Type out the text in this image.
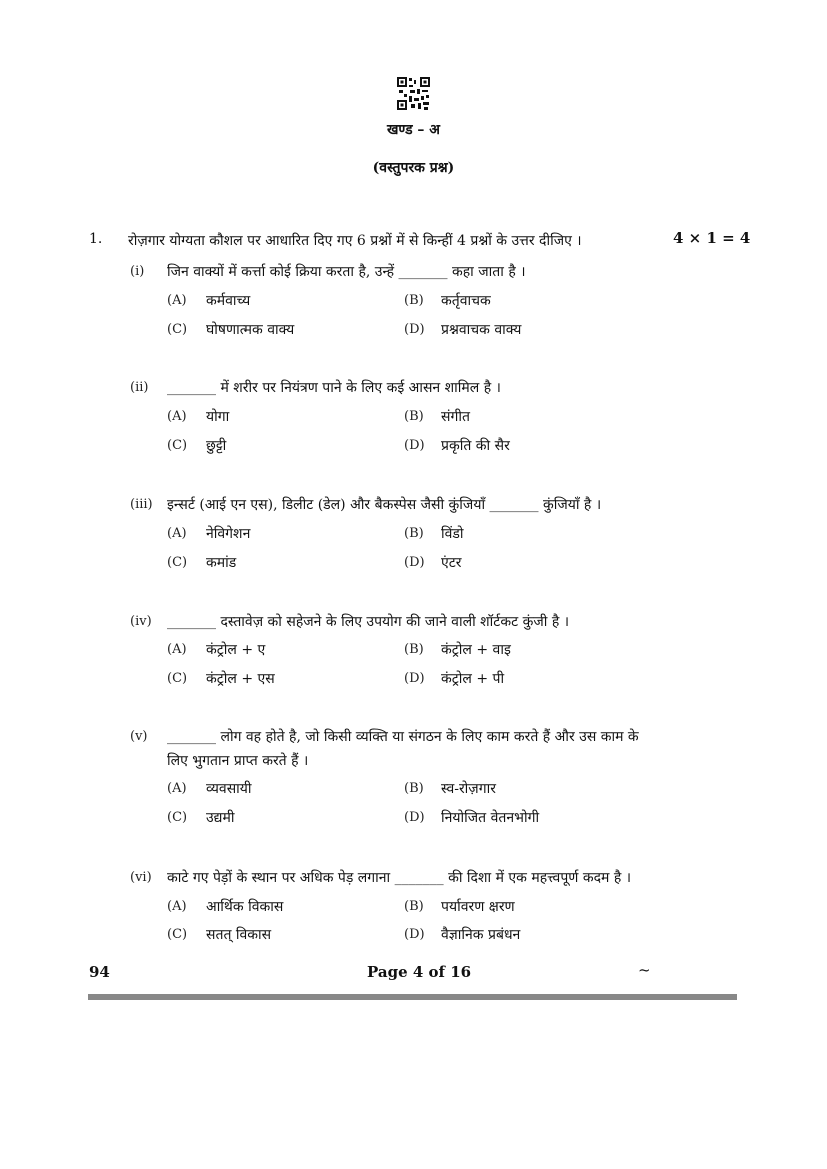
खण्ड – अ
(वस्तुपरक प्रश्न)
1. रोज़गार योग्यता कौशल पर आधारित दिए गए 6 प्रश्नों में से किन्हीं 4 प्रश्नों के उत्तर दीजिए ।	4 × 1 = 4
(i) जिन वाक्यों में कर्त्ता कोई क्रिया करता है, उन्हें _______ कहा जाता है ।
(A) कर्मवाच्य	(B) कर्तृवाचक
(C) घोषणात्मक वाक्य	(D) प्रश्नवाचक वाक्य
(ii) _______ में शरीर पर नियंत्रण पाने के लिए कई आसन शामिल है ।
(A) योगा	(B) संगीत
(C) छुट्टी	(D) प्रकृति की सैर
(iii) इन्सर्ट (आई एन एस), डिलीट (डेल) और बैकस्पेस जैसी कुंजियाँ _______ कुंजियाँ है ।
(A) नेविगेशन	(B) विंडो
(C) कमांड	(D) एंटर
(iv) _______ दस्तावेज़ को सहेजने के लिए उपयोग की जाने वाली शॉर्टकट कुंजी है ।
(A) कंट्रोल + ए	(B) कंट्रोल + वाइ
(C) कंट्रोल + एस	(D) कंट्रोल + पी
(v) _______ लोग वह होते है, जो किसी व्यक्ति या संगठन के लिए काम करते हैं और उस काम के
लिए भुगतान प्राप्त करते हैं ।
(A) व्यवसायी	(B) स्व-रोज़गार
(C) उद्यमी	(D) नियोजित वेतनभोगी
(vi) काटे गए पेड़ों के स्थान पर अधिक पेड़ लगाना _______ की दिशा में एक महत्त्वपूर्ण कदम है ।
(A) आर्थिक विकास	(B) पर्यावरण क्षरण
(C) सतत् विकास	(D) वैज्ञानिक प्रबंधन
94	Page 4 of 16	~
